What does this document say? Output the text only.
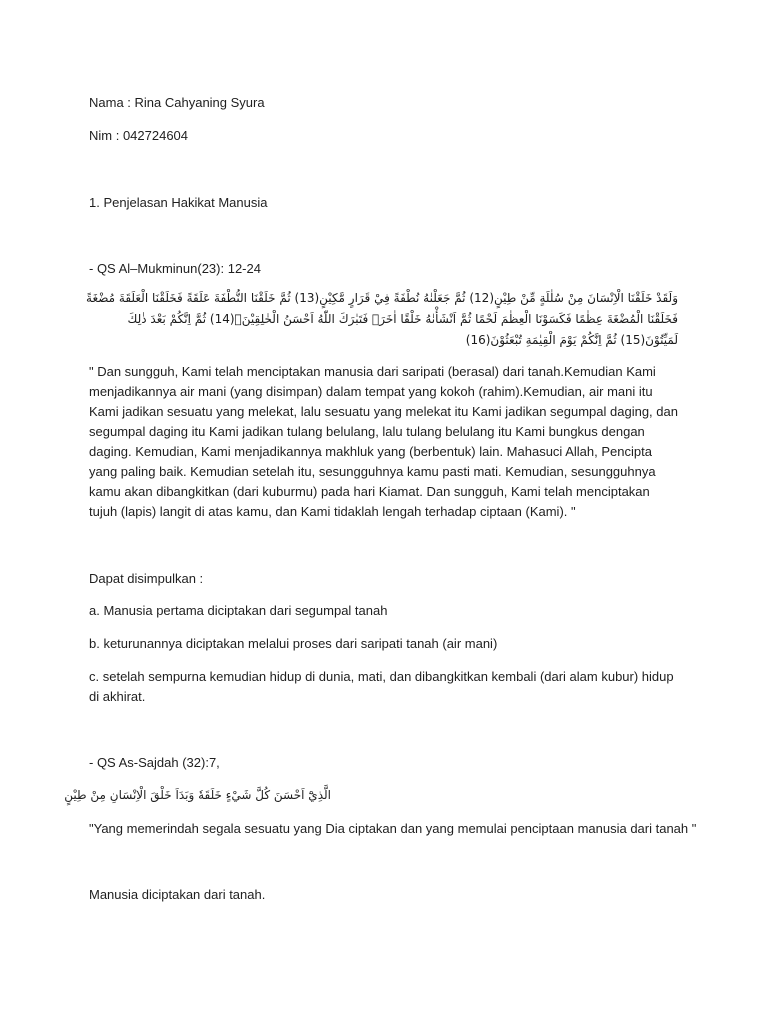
Nama : Rina Cahyaning Syura
Nim : 042724604
1. Penjelasan Hakikat Manusia
- QS Al–Mukminun(23): 12-24
وَلَقَدْ خَلَقْنَا الْاِنْسَانَ مِنْ سُلٰلَةٍ مِّنْ طِيْنٍ(12) ثُمَّ جَعَلْنٰهُ نُطْفَةً فِيْ قَرَارٍ مَّكِيْنٍ(13) ثُمَّ خَلَقْنَا النُّطْفَةَ عَلَقَةً فَخَلَقْنَا الْعَلَقَةَ مُضْغَةً فَخَلَقْنَا الْمُضْغَةَ عِظٰمًا فَكَسَوْنَا الْعِظٰمَ لَحْمًا ثُمَّ اَنْشَأْنٰهُ خَلْقًا اٰخَرَۗ فَتَبٰرَكَ اللّٰهُ اَحْسَنُ الْخٰلِقِيْنَۗ(14) ثُمَّ اِنَّكُمْ بَعْدَ ذٰلِكَ لَمَيِّتُوْنَ(15) ثُمَّ اِنَّكُمْ يَوْمَ الْقِيٰمَةِ تُبْعَثُوْنَ(16)
" Dan sungguh, Kami telah menciptakan manusia dari saripati (berasal) dari tanah.Kemudian Kami menjadikannya air mani (yang disimpan) dalam tempat yang kokoh (rahim).Kemudian, air mani itu Kami jadikan sesuatu yang melekat, lalu sesuatu yang melekat itu Kami jadikan segumpal daging, dan segumpal daging itu Kami jadikan tulang belulang, lalu tulang belulang itu Kami bungkus dengan daging. Kemudian, Kami menjadikannya makhluk yang (berbentuk) lain. Mahasuci Allah, Pencipta yang paling baik. Kemudian setelah itu, sesungguhnya kamu pasti mati. Kemudian, sesungguhnya kamu akan dibangkitkan (dari kuburmu) pada hari Kiamat. Dan sungguh, Kami telah menciptakan tujuh (lapis) langit di atas kamu, dan Kami tidaklah lengah terhadap ciptaan (Kami). "
Dapat disimpulkan :
a. Manusia pertama diciptakan dari segumpal tanah
b. keturunannya diciptakan melalui proses dari saripati tanah (air mani)
c. setelah sempurna kemudian hidup di dunia, mati, dan dibangkitkan kembali (dari alam kubur) hidup di akhirat.
- QS As-Sajdah (32):7,
الَّذِيْٓ اَحْسَنَ كُلَّ شَيْءٍ خَلَقَهٗ وَبَدَاَ خَلْقَ الْاِنْسَانِ مِنْ طِيْنٍ
"Yang memerindah segala sesuatu yang Dia ciptakan dan yang memulai penciptaan manusia dari tanah "
Manusia diciptakan dari tanah.
